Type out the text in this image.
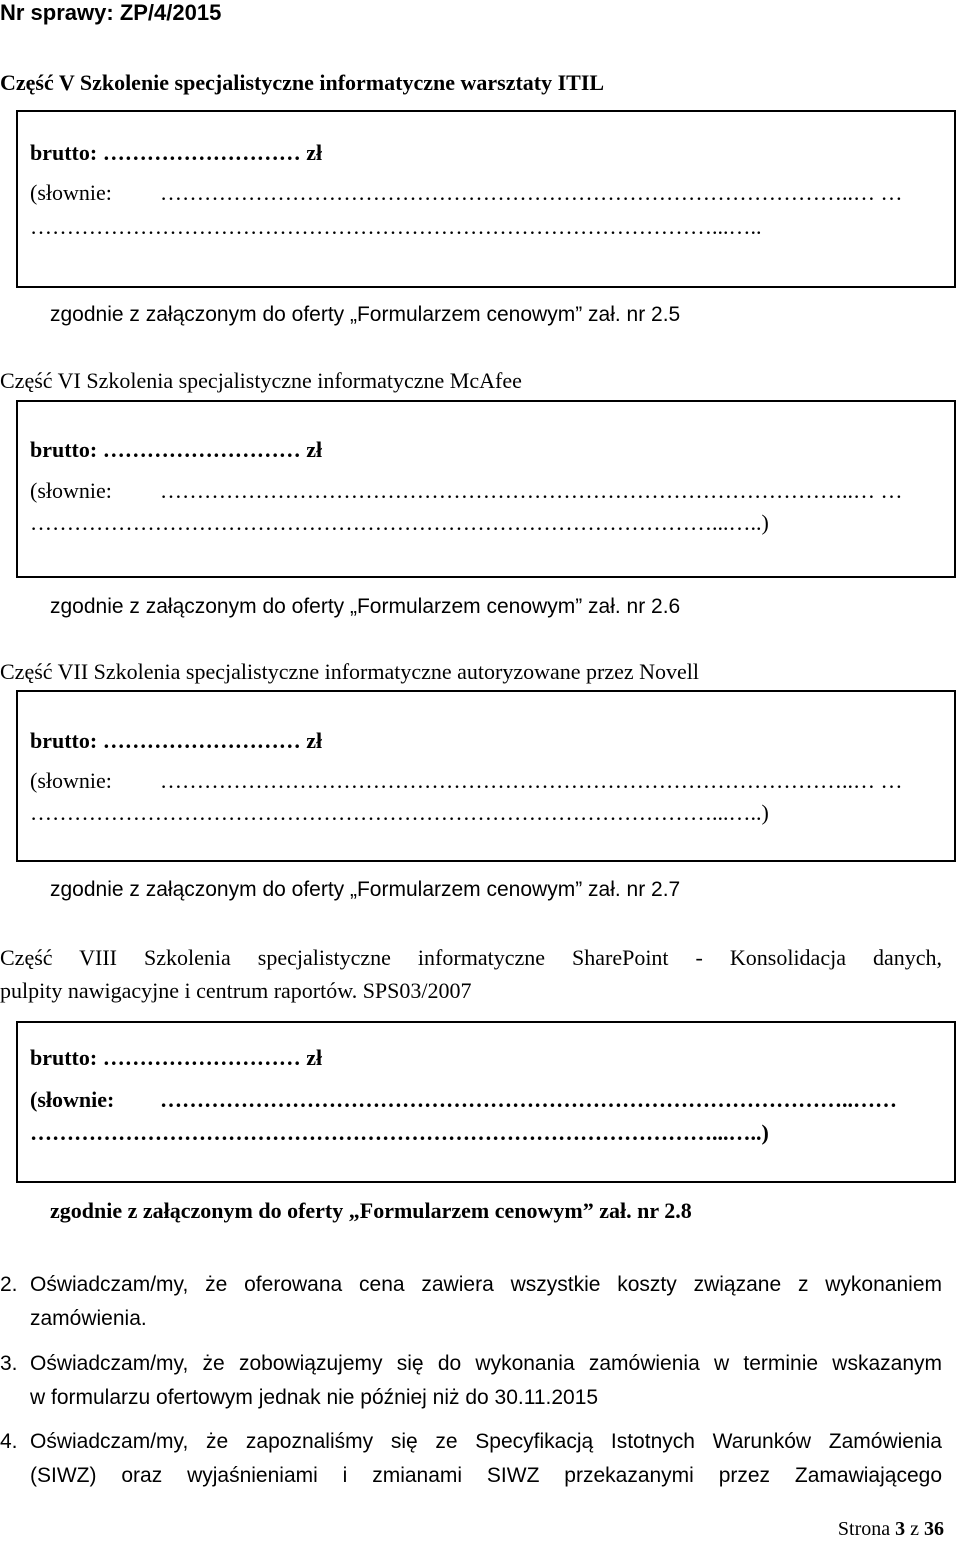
Nr sprawy: ZP/4/2015
Część V Szkolenie specjalistyczne informatyczne warsztaty ITIL
brutto: ……………………… zł
(słownie: …………………………………………………………………………………..… …
…………………………………………………………………………………...…..
zgodnie z załączonym do oferty „Formularzem cenowym” zał. nr 2.5
Część VI Szkolenia specjalistyczne informatyczne McAfee
brutto: ……………………… zł
(słownie: …………………………………………………………………………………..… …
…………………………………………………………………………………...…..)
zgodnie z załączonym do oferty „Formularzem cenowym” zał. nr 2.6
Część VII Szkolenia specjalistyczne informatyczne autoryzowane przez Novell
brutto: ……………………… zł
(słownie: …………………………………………………………………………………..… …
…………………………………………………………………………………...…..)
zgodnie z załączonym do oferty „Formularzem cenowym” zał. nr 2.7
Część VIII Szkolenia specjalistyczne informatyczne SharePoint - Konsolidacja danych,
pulpity nawigacyjne i centrum raportów. SPS03/2007
brutto: ……………………… zł
(słownie: …………………………………………………………………………………..……
…………………………………………………………………………………...…..)
zgodnie z załączonym do oferty „Formularzem cenowym” zał. nr 2.8
2. Oświadczam/my, że oferowana cena zawiera wszystkie koszty związane z wykonaniem
zamówienia.
3. Oświadczam/my, że zobowiązujemy się do wykonania zamówienia w terminie wskazanym
w formularzu ofertowym jednak nie później niż do 30.11.2015
4. Oświadczam/my, że zapoznaliśmy się ze Specyfikacją Istotnych Warunków Zamówienia
(SIWZ) oraz wyjaśnieniami i zmianami SIWZ przekazanymi przez Zamawiającego
Strona 3 z 36
